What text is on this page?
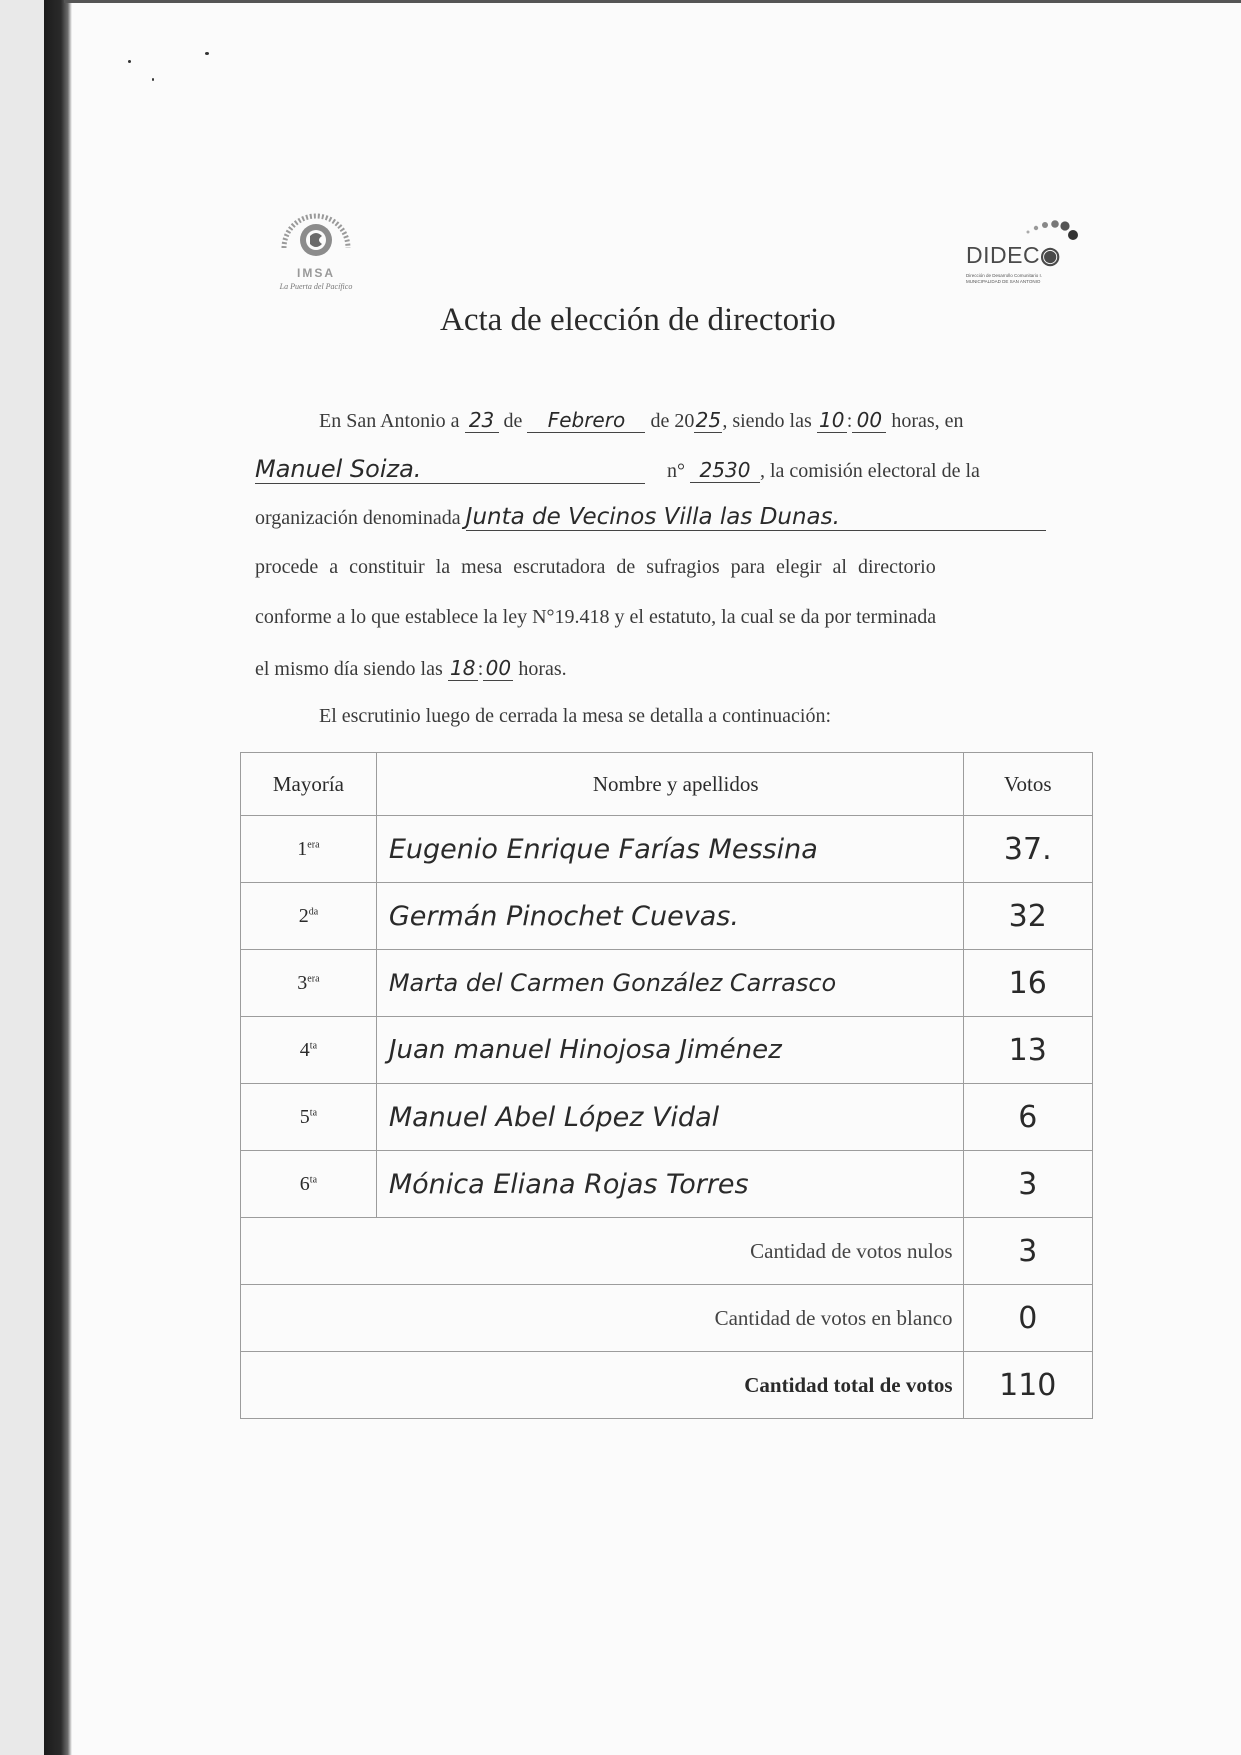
IMSA
La Puerta del Pacífico
DIDEC◉
Dirección de Desarrollo Comunitario I. MUNICIPALIDAD DE SAN ANTONIO
Acta de elección de directorio
En San Antonio a 23 de Febrero de 2025, siendo las 10 : 00 horas, en
Manuel Soiza.	n° 2530 , la comisión electoral de la
organización denominada Junta de Vecinos Villa las Dunas.
procede a constituir la mesa escrutadora de sufragios para elegir al directorio
conforme a lo que establece la ley N°19.418 y el estatuto, la cual se da por terminada
el mismo día siendo las 18 : 00 horas.
El escrutinio luego de cerrada la mesa se detalla a continuación:
Mayoría	Nombre y apellidos	Votos
$1^{era}$	Eugenio Enrique Farías Messina	37.
$2^{da}$	Germán Pinochet Cuevas.	32
$3^{era}$	Marta del Carmen González Carrasco	16
$4^{ta}$	Juan manuel Hinojosa Jiménez	13
$5^{ta}$	Manuel Abel López Vidal	6
$6^{ta}$	Mónica Eliana Rojas Torres	3
Cantidad de votos nulos		3
Cantidad de votos en blanco		0
Cantidad total de votos		110
